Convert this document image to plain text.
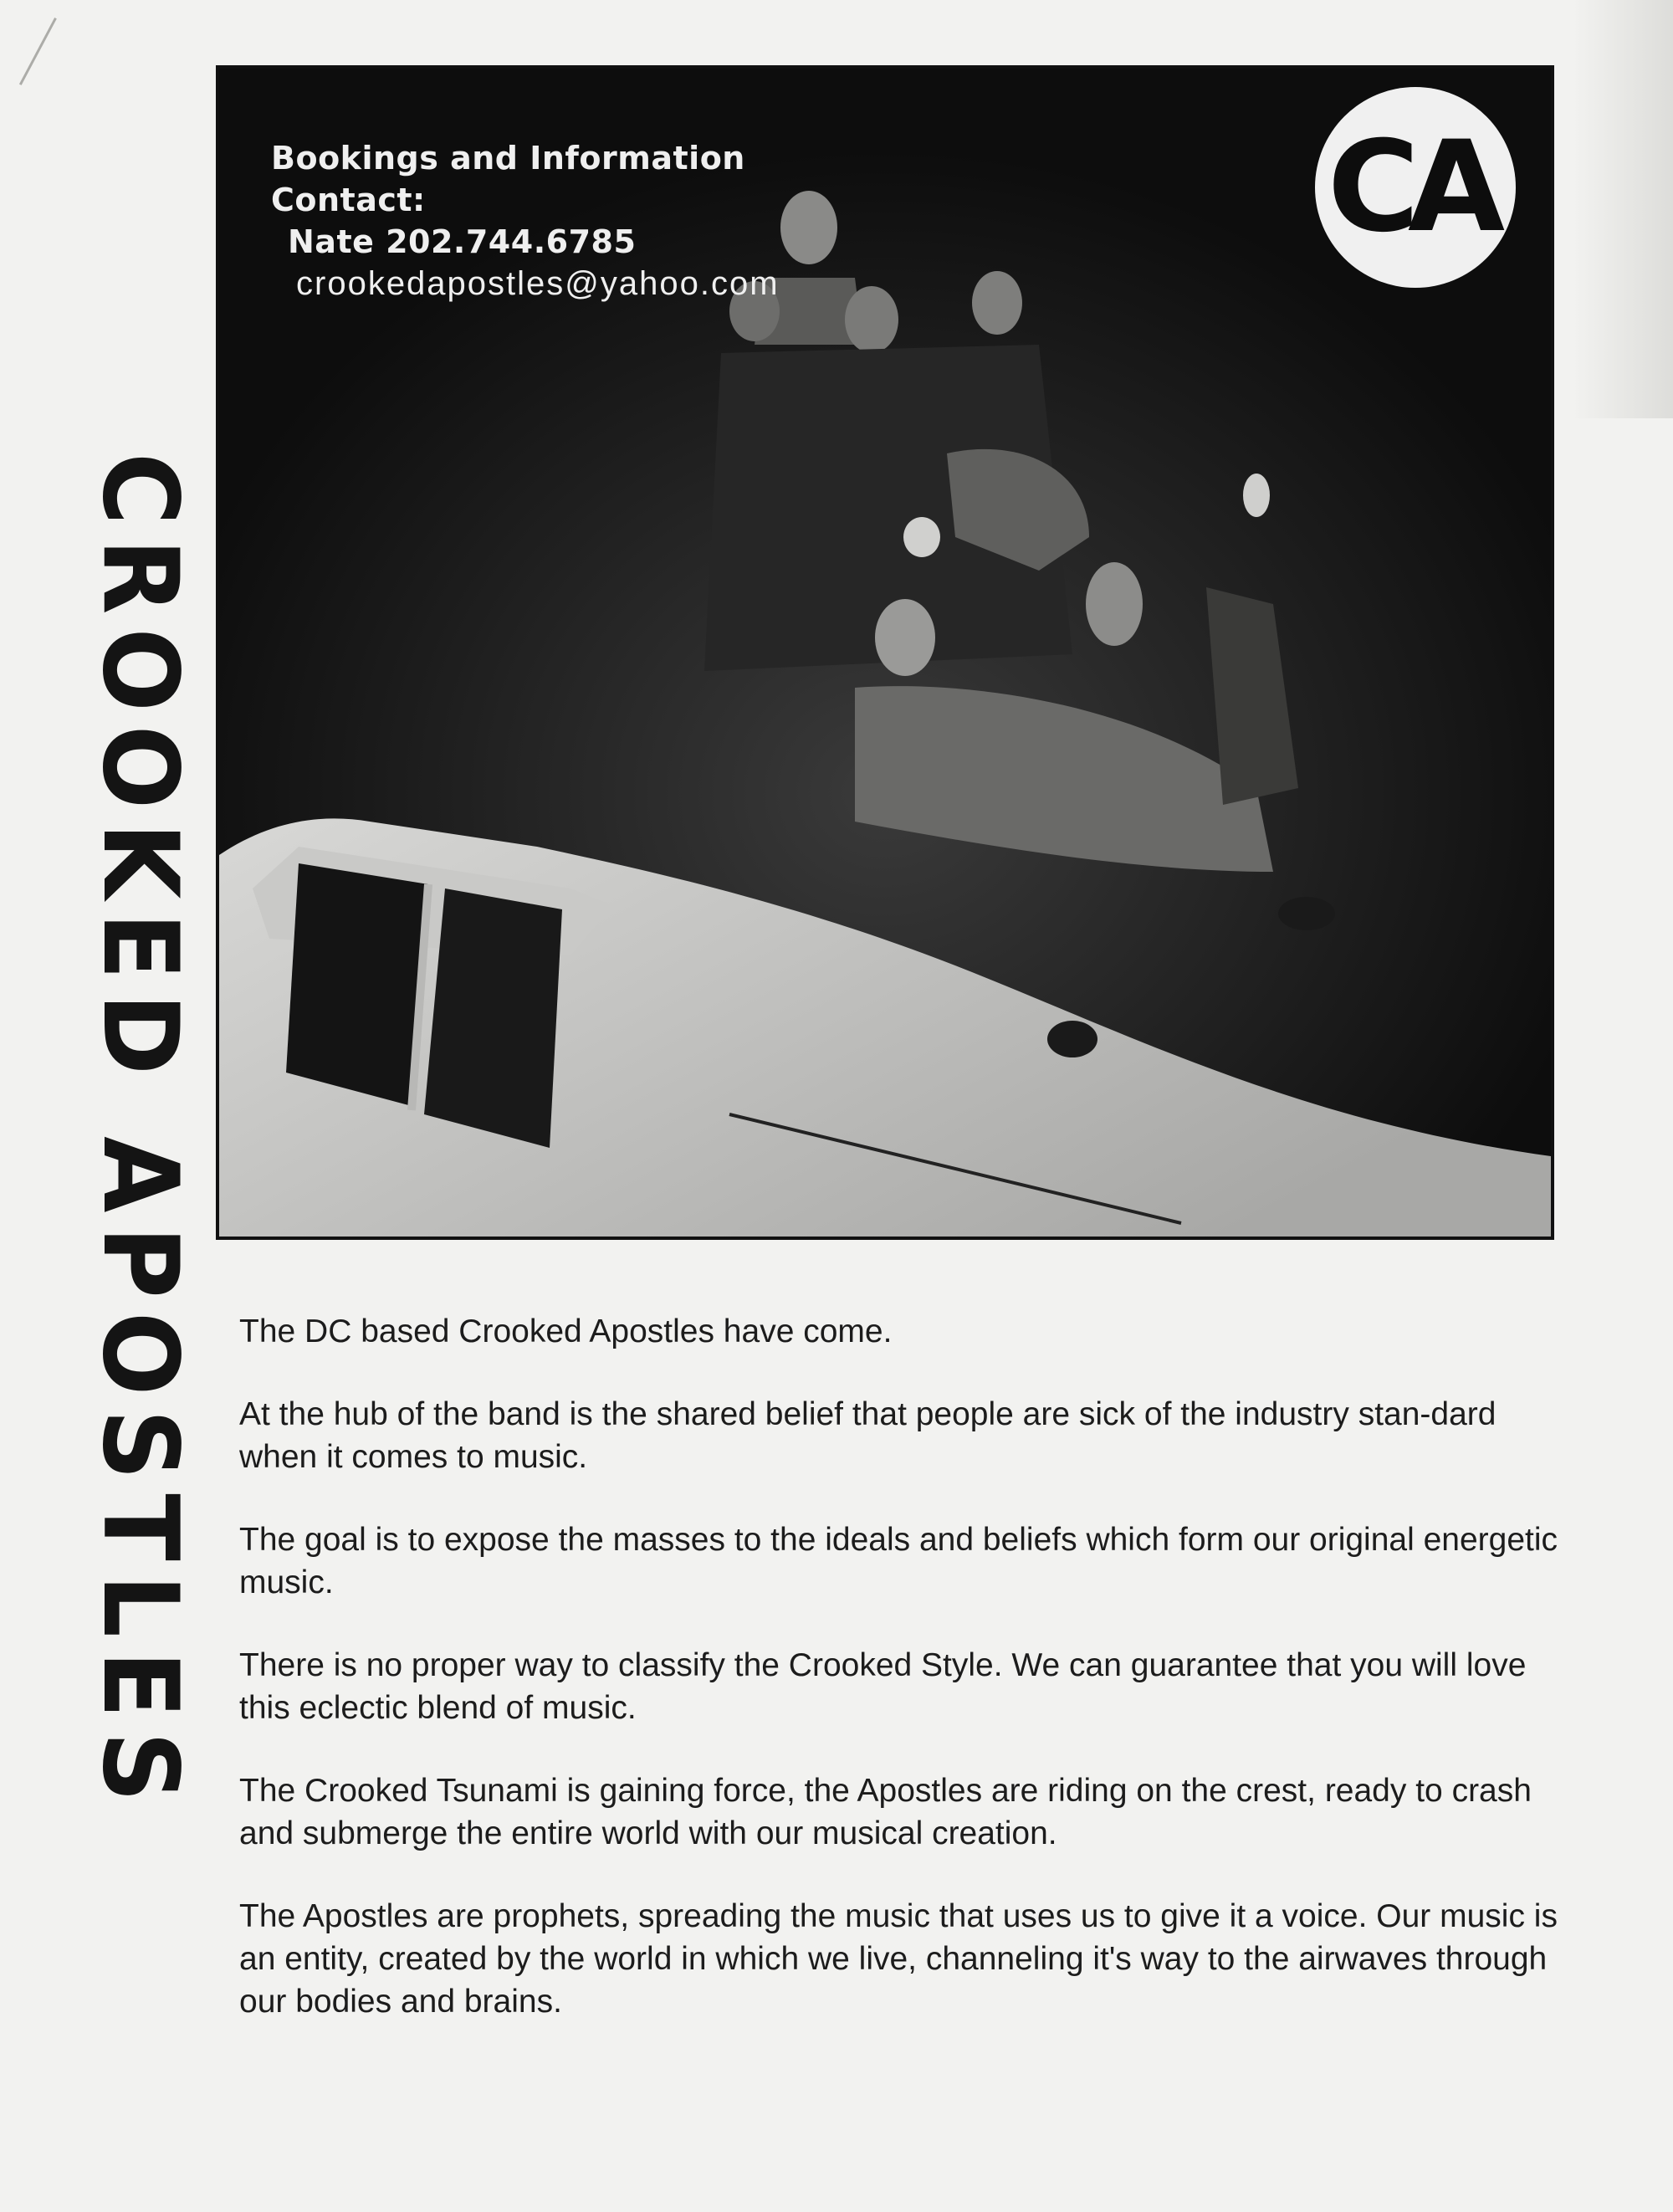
CROOKED APOSTLES
Bookings and Information
Contact:
Nate 202.744.6785
crookedapostles@yahoo.com
CA

The DC based Crooked Apostles have come.

At the hub of the band is the shared belief that people are sick of the industry stan-dard when it comes to music.

The goal is to expose the masses to the ideals and beliefs which form our original energetic music.

There is no proper way to classify the Crooked Style. We can guarantee that you will love this eclectic blend of music.

The Crooked Tsunami is gaining force, the Apostles are riding on the crest, ready to crash and submerge the entire world with our musical creation.

The Apostles are prophets, spreading the music that uses us to give it a voice. Our music is an entity, created by the world in which we live, channeling it's way to the airwaves through our bodies and brains.
